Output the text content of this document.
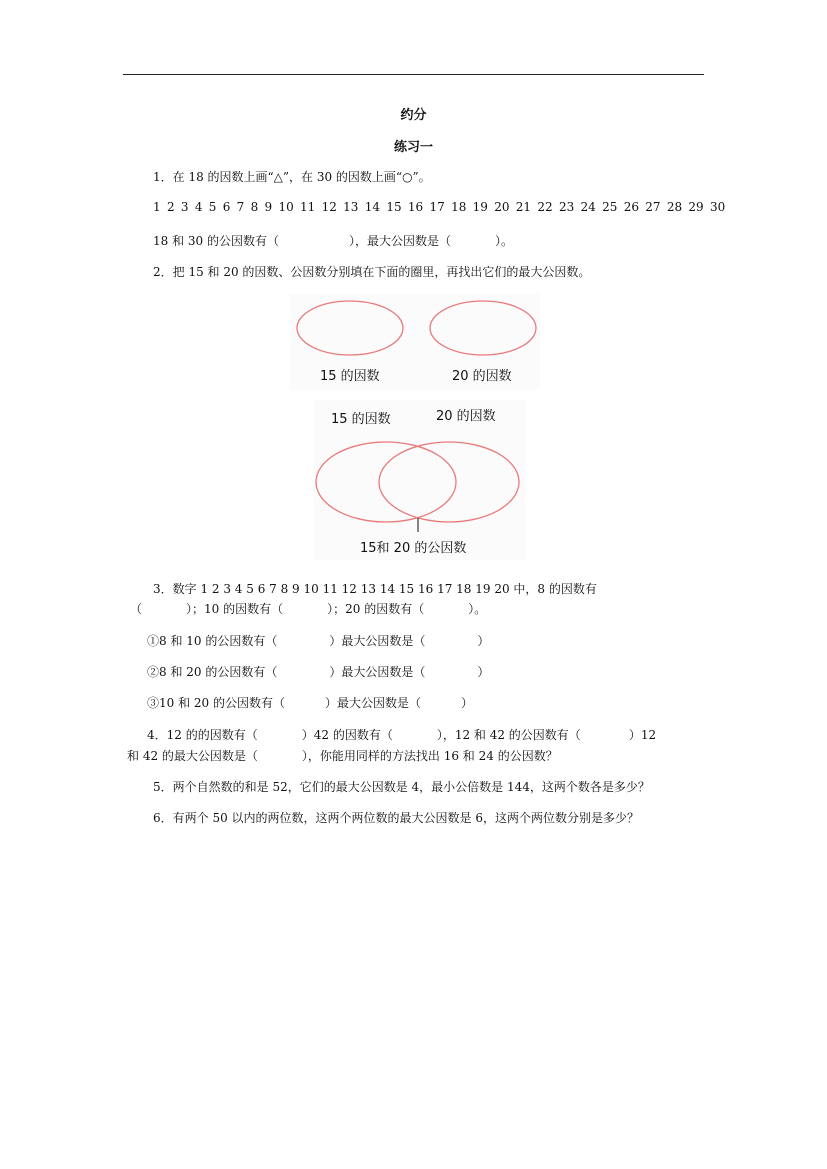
约分
练习一
1．在 18 的因数上画“△”，在 30 的因数上画“○”。
1 2 3 4 5 6 7 8 9 10 11 12 13 14 15 16 17 18 19 20 21 22 23 24 25 26 27 28 29 30
18 和 30 的公因数有（	），最大公因数是（	）。
2．把 15 和 20 的因数、公因数分别填在下面的圈里，再找出它们的最大公因数。
15 的因数	20 的因数
15 的因数	20 的因数
15和 20 的公因数
3．数字 1 2 3 4 5 6 7 8 9 10 11 12 13 14 15 16 17 18 19 20 中，8 的因数有
（	）；10 的因数有（	）；20 的因数有（	）。
①8 和 10 的公因数有（	）最大公因数是（	）
②8 和 20 的公因数有（	）最大公因数是（	）
③10 和 20 的公因数有（	）最大公因数是（	）
4．12 的的因数有（	）42 的因数有（	），12 和 42 的公因数有（	）12
和 42 的最大公因数是（	），你能用同样的方法找出 16 和 24 的公因数？
5．两个自然数的和是 52，它们的最大公因数是 4，最小公倍数是 144，这两个数各是多少？
6．有两个 50 以内的两位数，这两个两位数的最大公因数是 6，这两个两位数分别是多少？
